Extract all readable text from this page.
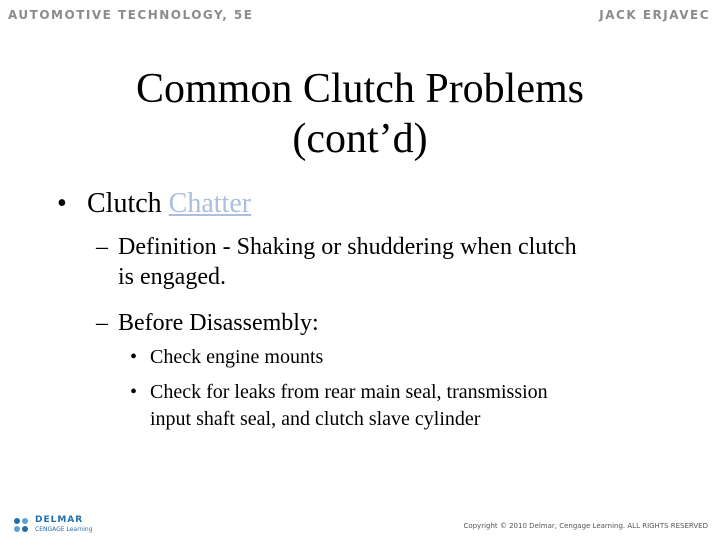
AUTOMOTIVE TECHNOLOGY, 5E	JACK ERJAVEC
Common Clutch Problems
(cont’d)
• Clutch Chatter
– Definition - Shaking or shuddering when clutch
is engaged.
– Before Disassembly:
• Check engine mounts
• Check for leaks from rear main seal, transmission
input shaft seal, and clutch slave cylinder
DELMAR
CENGAGE Learning	Copyright © 2010 Delmar, Cengage Learning. ALL RIGHTS RESERVED
